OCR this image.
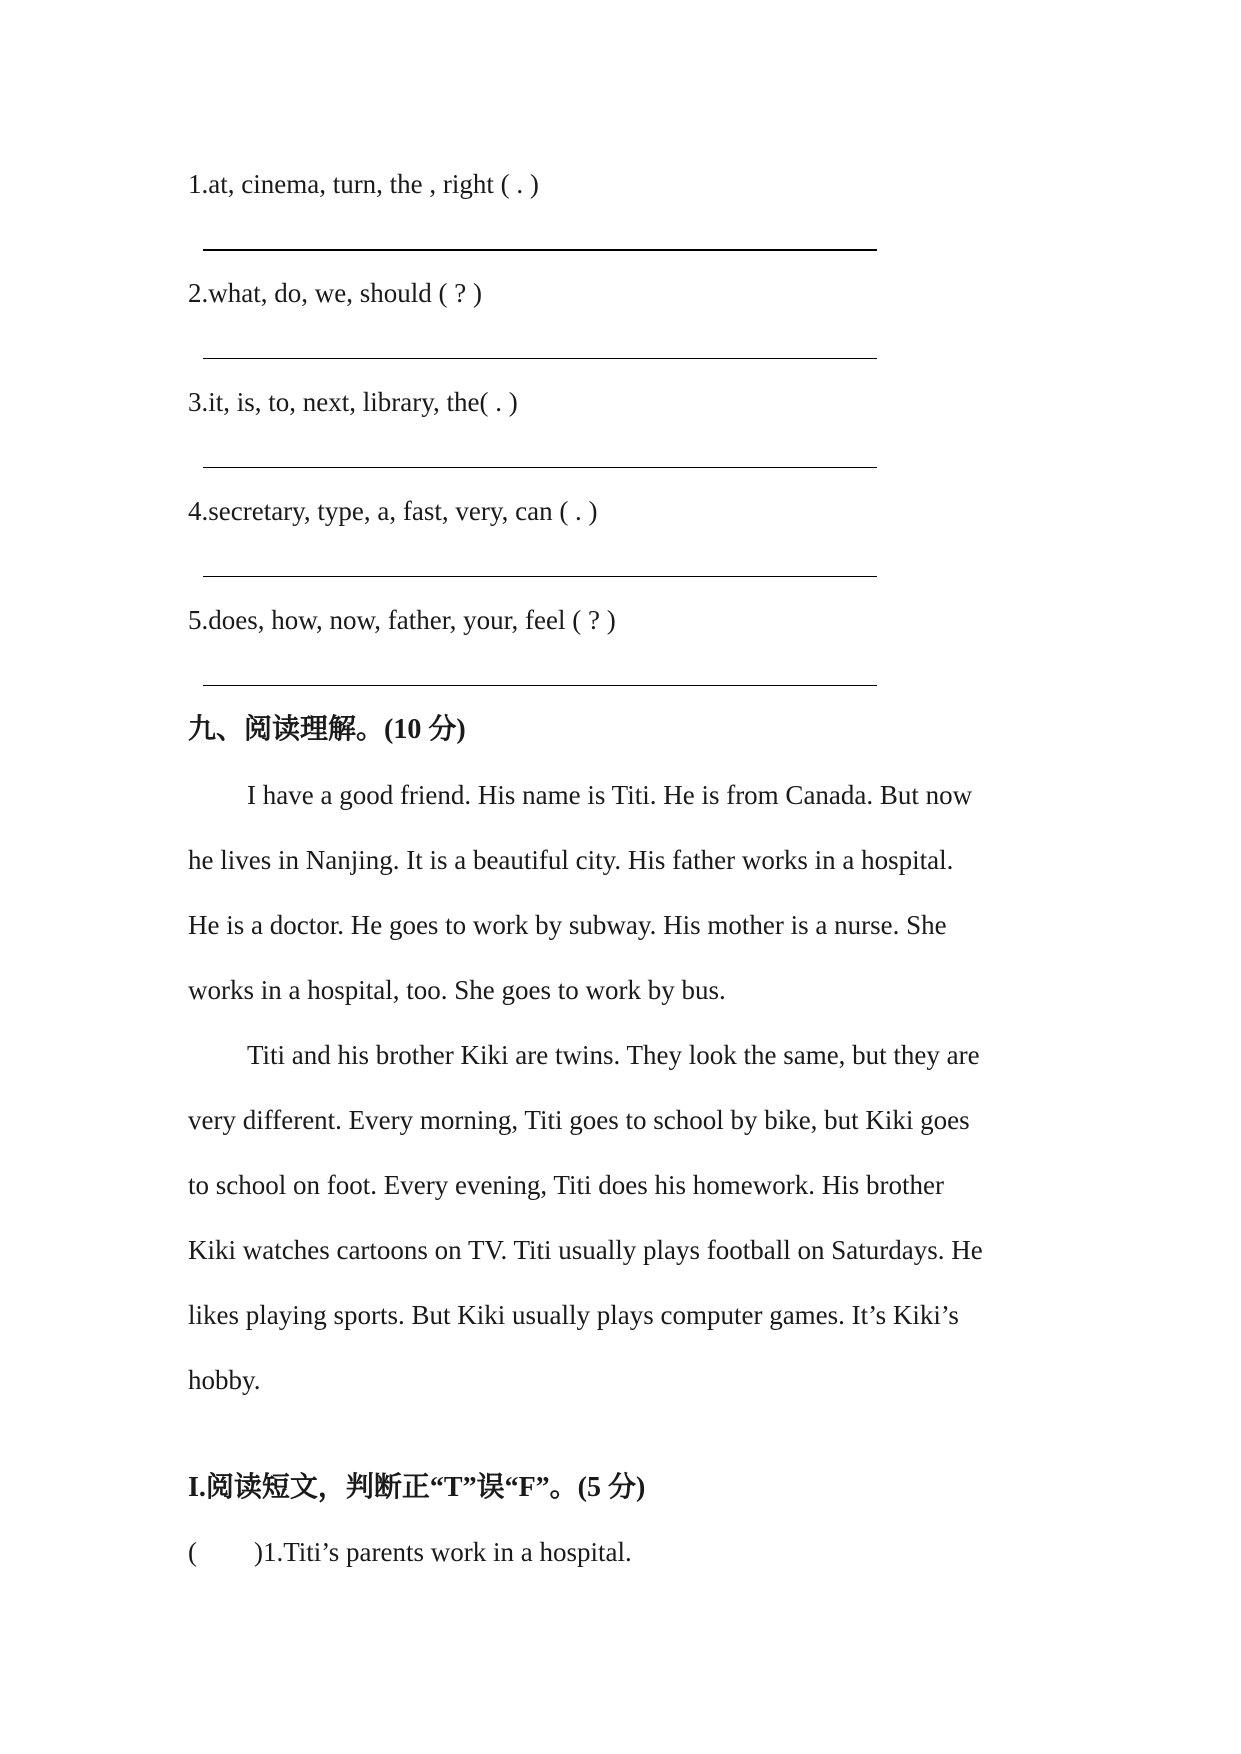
1.at, cinema, turn, the , right ( . )
2.what, do, we, should ( ? )
3.it, is, to, next, library, the( . )
4.secretary, type, a, fast, very, can ( . )
5.does, how, now, father, your, feel ( ? )
九、阅读理解。(10 分)
I have a good friend. His name is Titi. He is from Canada. But now
he lives in Nanjing. It is a beautiful city. His father works in a hospital.
He is a doctor. He goes to work by subway. His mother is a nurse. She
works in a hospital, too. She goes to work by bus.
Titi and his brother Kiki are twins. They look the same, but they are
very different. Every morning, Titi goes to school by bike, but Kiki goes
to school on foot. Every evening, Titi does his homework. His brother
Kiki watches cartoons on TV. Titi usually plays football on Saturdays. He
likes playing sports. But Kiki usually plays computer games. It’s Kiki’s
hobby.
I.阅读短文，判断正“T”误“F”。(5 分)
( )1.Titi’s parents work in a hospital.
